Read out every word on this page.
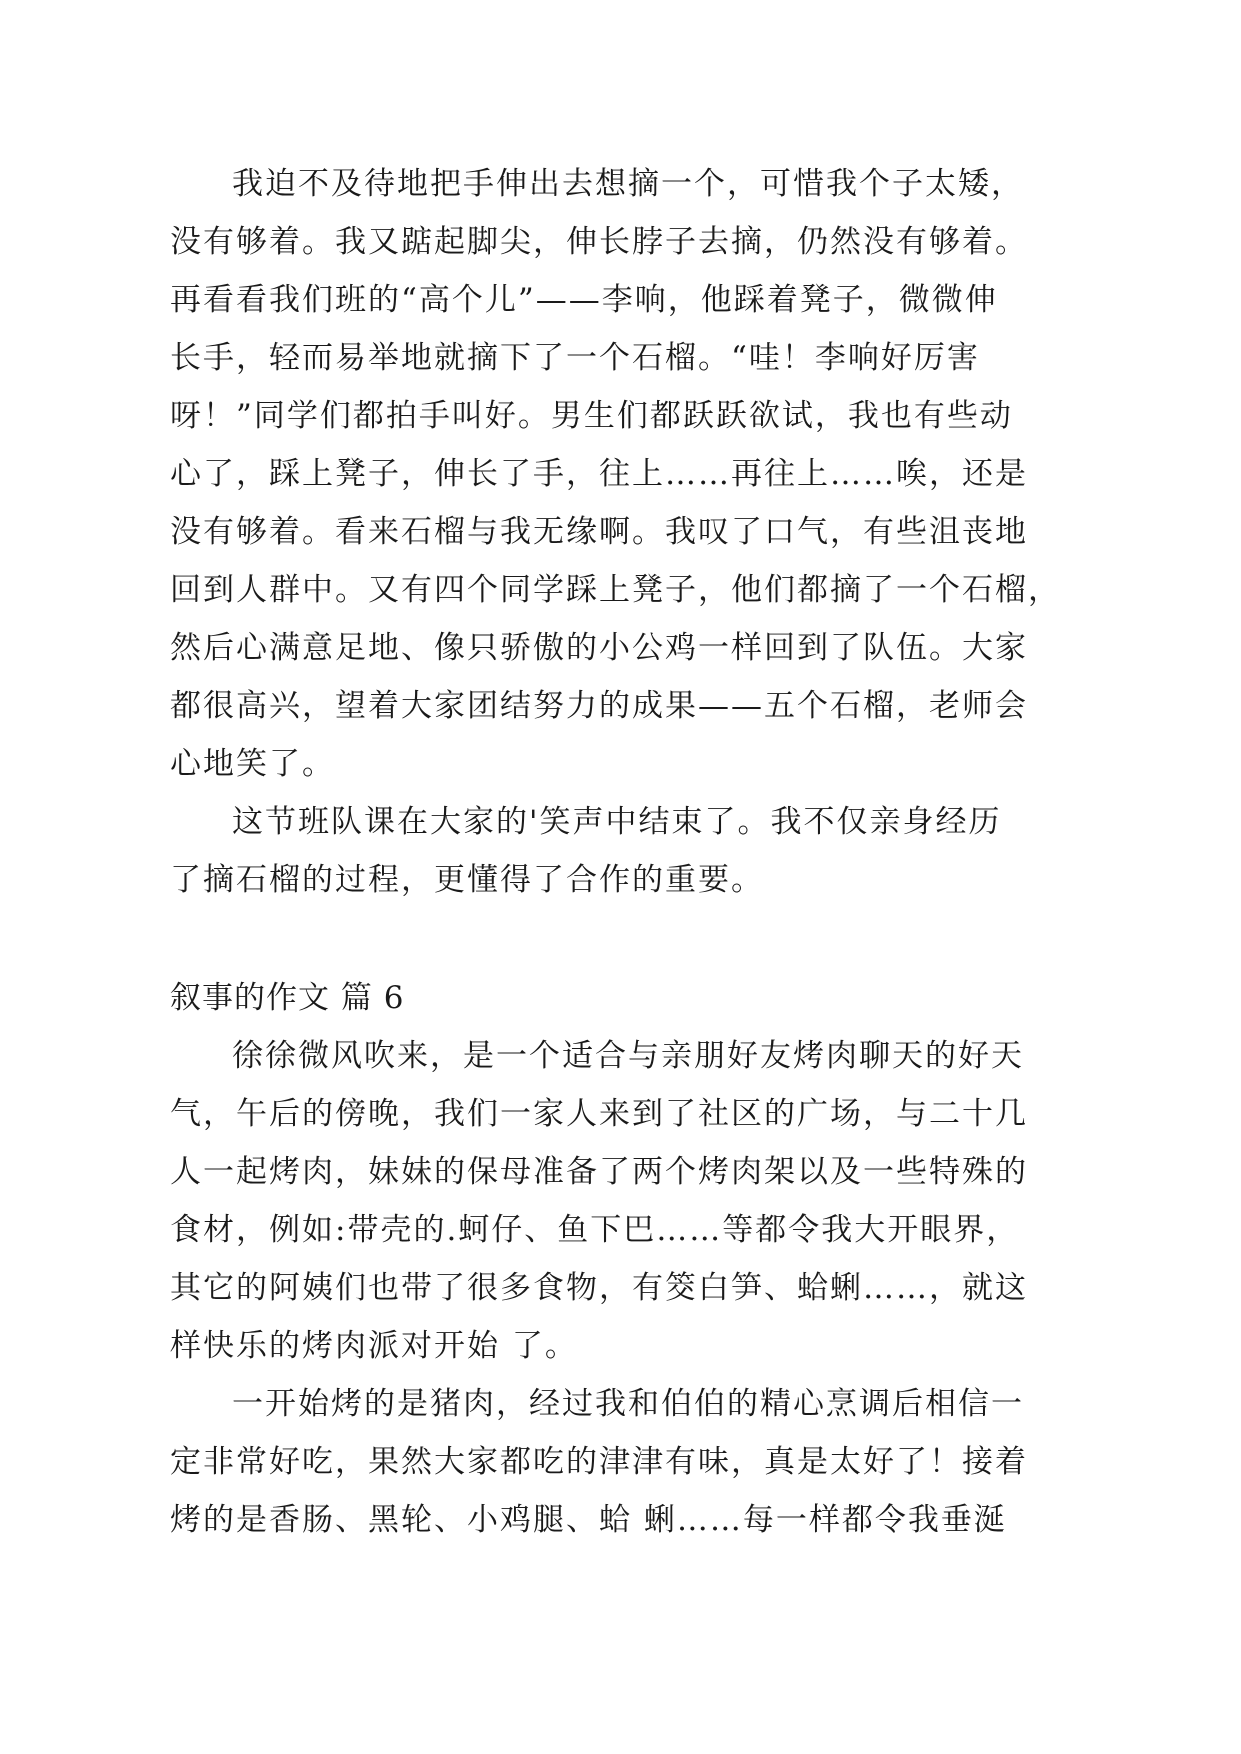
我迫不及待地把手伸出去想摘一个，可惜我个子太矮，
没有够着。我又踮起脚尖，伸长脖子去摘，仍然没有够着。
再看看我们班的“高个儿”——李响，他踩着凳子，微微伸
长手，轻而易举地就摘下了一个石榴。“哇！李响好厉害
呀！”同学们都拍手叫好。男生们都跃跃欲试，我也有些动
心了，踩上凳子，伸长了手，往上……再往上……唉，还是
没有够着。看来石榴与我无缘啊。我叹了口气，有些沮丧地
回到人群中。又有四个同学踩上凳子，他们都摘了一个石榴，
然后心满意足地、像只骄傲的小公鸡一样回到了队伍。大家
都很高兴，望着大家团结努力的成果——五个石榴，老师会
心地笑了。
这节班队课在大家的'笑声中结束了。我不仅亲身经历
了摘石榴的过程，更懂得了合作的重要。
叙事的作文 篇 6
徐徐微风吹来，是一个适合与亲朋好友烤肉聊天的好天
气，午后的傍晚，我们一家人来到了社区的广场，与二十几
人一起烤肉，妹妹的保母准备了两个烤肉架以及一些特殊的
食材，例如:带壳的.蚵仔、鱼下巴……等都令我大开眼界，
其它的阿姨们也带了很多食物，有筊白笋、蛤蜊……，就这
样快乐的烤肉派对开始 了。
一开始烤的是猪肉，经过我和伯伯的精心烹调后相信一
定非常好吃，果然大家都吃的津津有味，真是太好了！接着
烤的是香肠、黑轮、小鸡腿、蛤 蜊……每一样都令我垂涎
